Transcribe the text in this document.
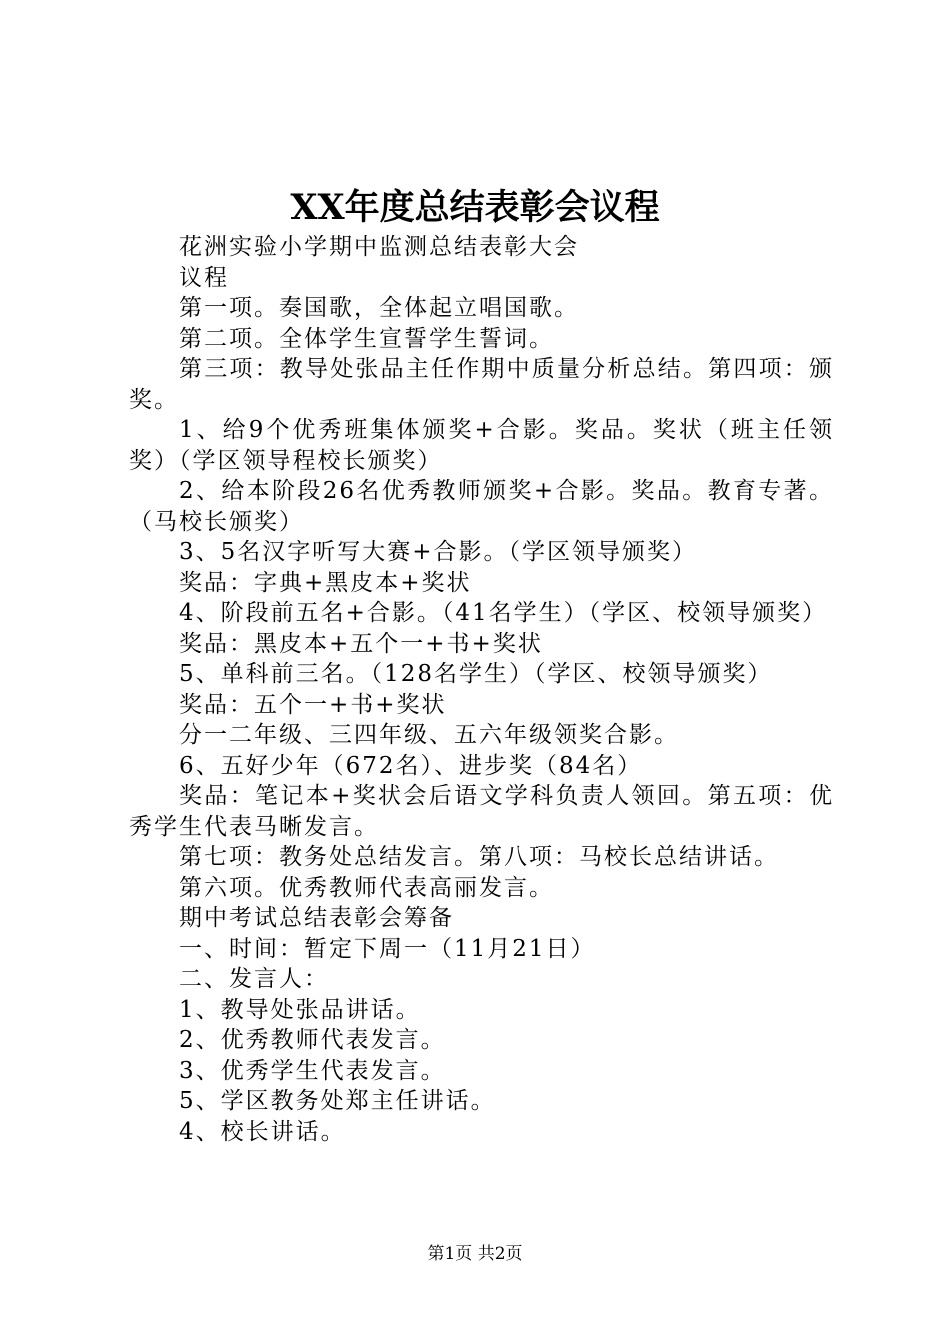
XX年度总结表彰会议程

花洲实验小学期中监测总结表彰大会

议程

第一项。奏国歌，全体起立唱国歌。

第二项。全体学生宣誓学生誓词。

第三项：教导处张品主任作期中质量分析总结。第四项：颁奖。

1、给9个优秀班集体颁奖+合影。奖品。奖状（班主任领奖）（学区领导程校长颁奖）

2、给本阶段26名优秀教师颁奖+合影。奖品。教育专著。（马校长颁奖）

3、5名汉字听写大赛+合影。（学区领导颁奖）

奖品：字典+黑皮本+奖状

4、阶段前五名+合影。（41名学生）（学区、校领导颁奖）

奖品：黑皮本+五个一+书+奖状

5、单科前三名。（128名学生）（学区、校领导颁奖）

奖品：五个一+书+奖状

分一二年级、三四年级、五六年级领奖合影。

6、五好少年（672名）、进步奖（84名）

奖品：笔记本+奖状会后语文学科负责人领回。第五项：优秀学生代表马晰发言。

第七项：教务处总结发言。第八项：马校长总结讲话。

第六项。优秀教师代表高丽发言。

期中考试总结表彰会筹备

一、时间：暂定下周一（11月21日）

二、发言人：

1、教导处张品讲话。

2、优秀教师代表发言。

3、优秀学生代表发言。

5、学区教务处郑主任讲话。

4、校长讲话。

第1页 共2页
